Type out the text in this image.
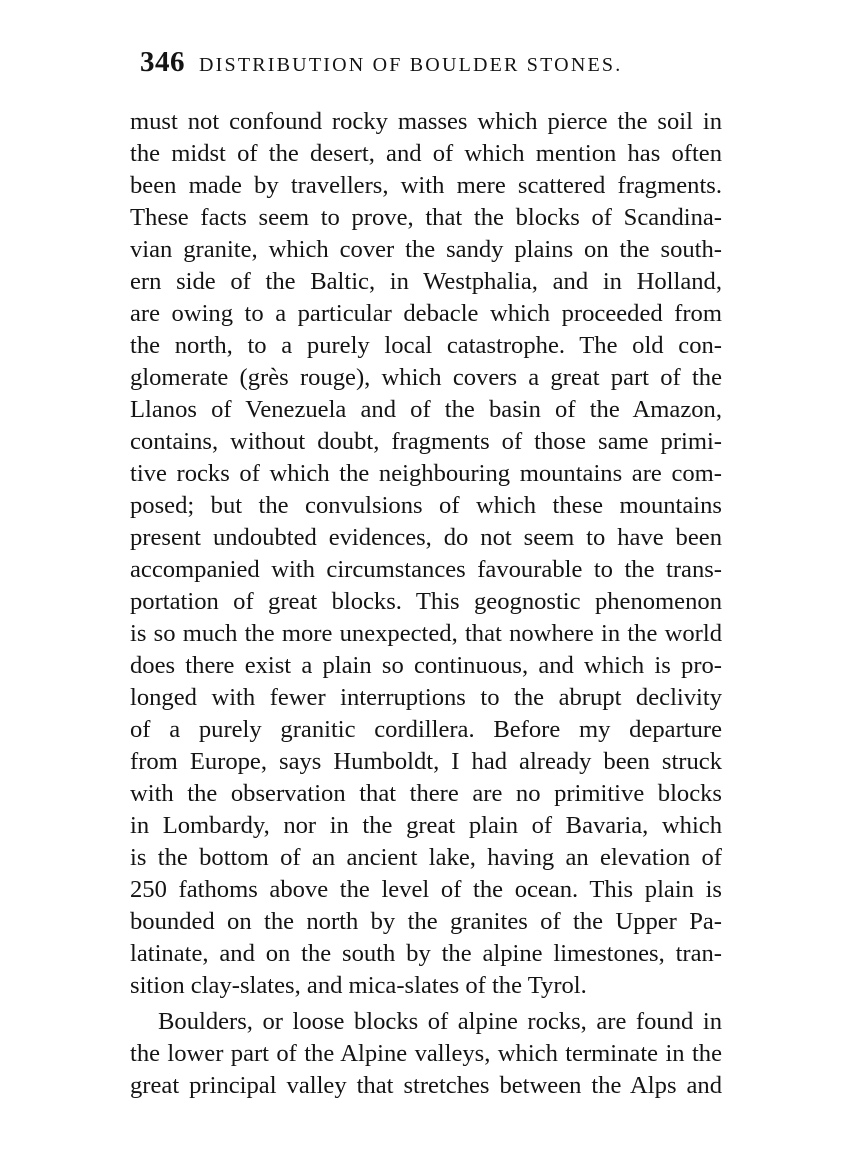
346 DISTRIBUTION OF BOULDER STONES.
must not confound rocky masses which pierce the soil in
the midst of the desert, and of which mention has often
been made by travellers, with mere scattered fragments.
These facts seem to prove, that the blocks of Scandina-
vian granite, which cover the sandy plains on the south-
ern side of the Baltic, in Westphalia, and in Holland,
are owing to a particular debacle which proceeded from
the north, to a purely local catastrophe. The old con-
glomerate (grès rouge), which covers a great part of the
Llanos of Venezuela and of the basin of the Amazon,
contains, without doubt, fragments of those same primi-
tive rocks of which the neighbouring mountains are com-
posed; but the convulsions of which these mountains
present undoubted evidences, do not seem to have been
accompanied with circumstances favourable to the trans-
portation of great blocks. This geognostic phenomenon
is so much the more unexpected, that nowhere in the world
does there exist a plain so continuous, and which is pro-
longed with fewer interruptions to the abrupt declivity
of a purely granitic cordillera. Before my departure
from Europe, says Humboldt, I had already been struck
with the observation that there are no primitive blocks
in Lombardy, nor in the great plain of Bavaria, which
is the bottom of an ancient lake, having an elevation of
250 fathoms above the level of the ocean. This plain is
bounded on the north by the granites of the Upper Pa-
latinate, and on the south by the alpine limestones, tran-
sition clay-slates, and mica-slates of the Tyrol.
Boulders, or loose blocks of alpine rocks, are found in
the lower part of the Alpine valleys, which terminate in the
great principal valley that stretches between the Alps and
